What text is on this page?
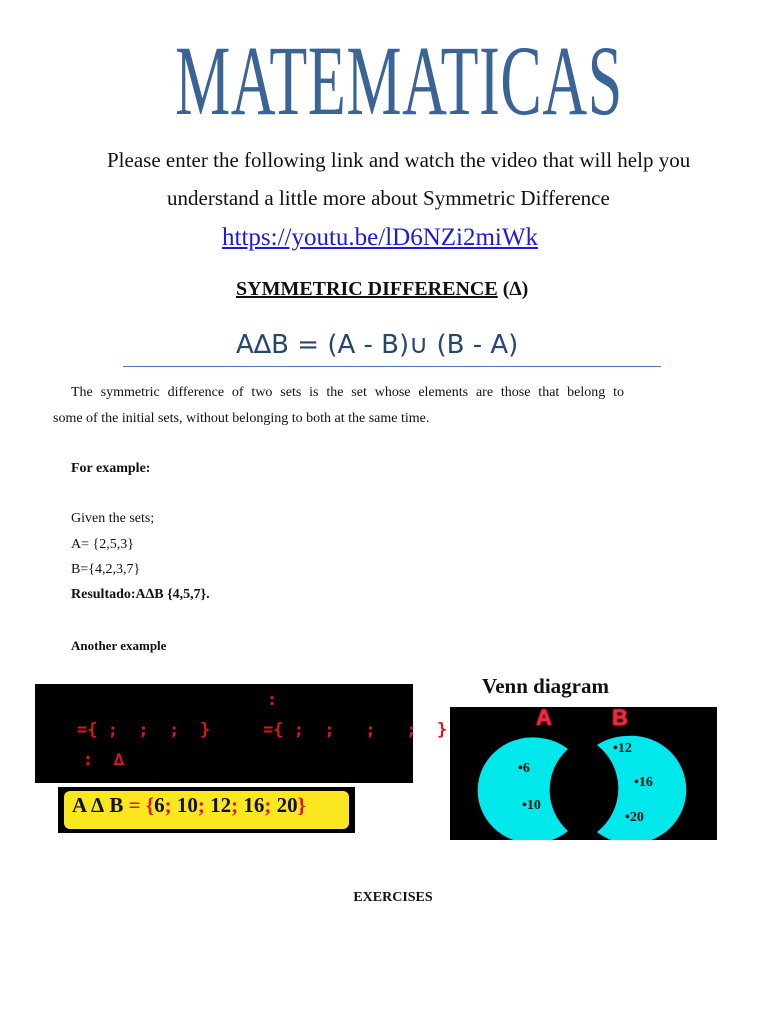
MATEMATICAS
Please enter the following link and watch the video that will help you
understand a little more about Symmetric Difference
https://youtu.be/lD6NZi2miWk
SYMMETRIC DIFFERENCE (∆)
A∆B = (A - B)∪ (B - A)
The symmetric difference of two sets is the set whose elements are those that belong to
some of the initial sets, without belonging to both at the same time.
For example:
Given the sets;
A= {2,5,3}
B={4,2,3,7}
Resultado:A∆B {4,5,7}.
Another example
:
={ ;  ;  ;  }	={ ;  ;   ;   ;  }
:  ∆
A ∆ B = {6; 10; 12; 16; 20}
Venn diagram
A	B
•6
•10
•12
•16
•20
EXERCISES
